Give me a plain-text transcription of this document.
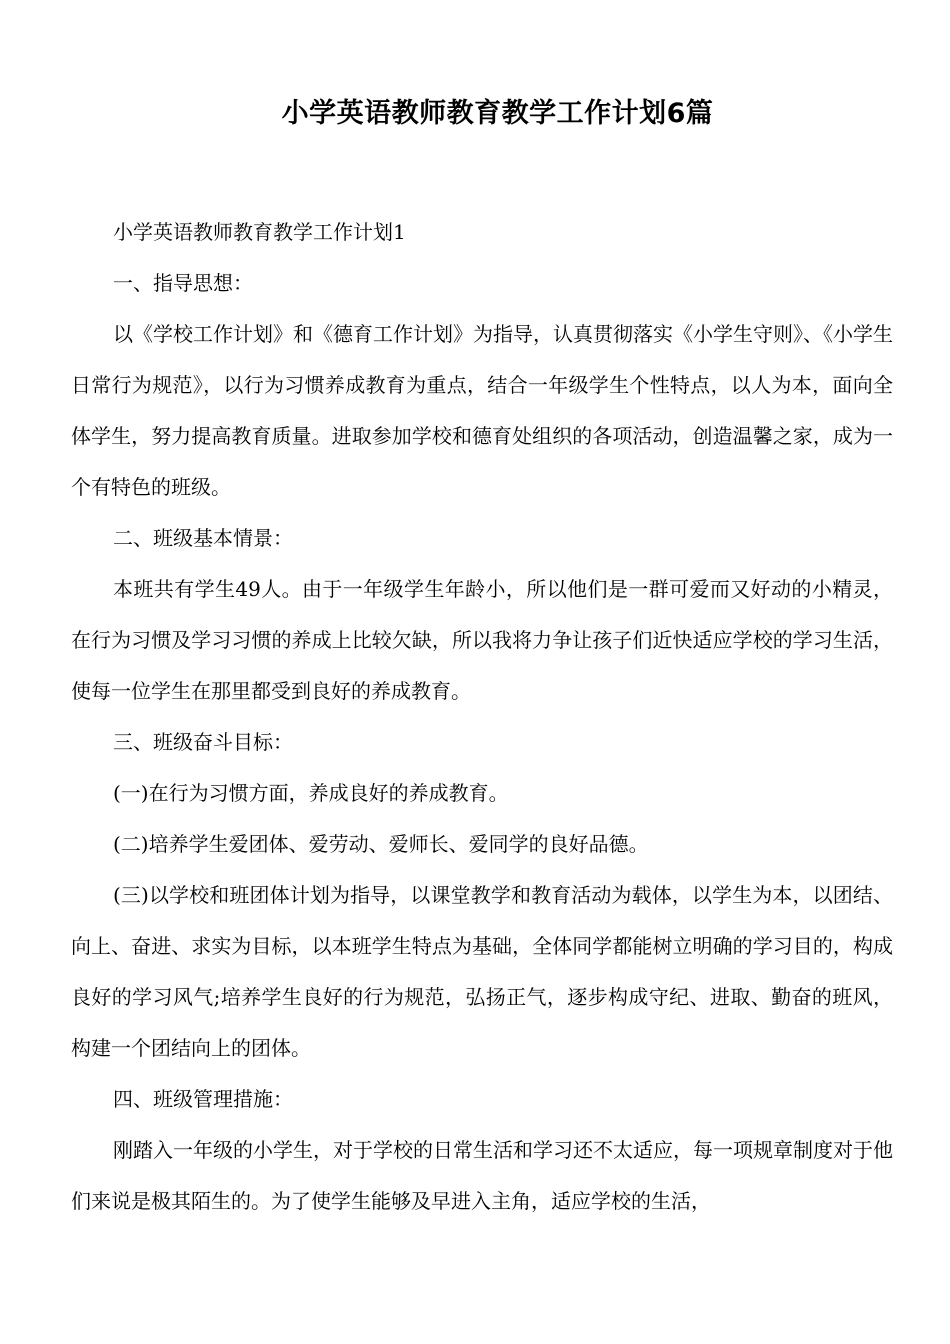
小学英语教师教育教学工作计划6篇

小学英语教师教育教学工作计划1

一、指导思想：

以《学校工作计划》和《德育工作计划》为指导，认真贯彻落实《小学生守则》、《小学生日常行为规范》，以行为习惯养成教育为重点，结合一年级学生个性特点，以人为本，面向全体学生，努力提高教育质量。进取参加学校和德育处组织的各项活动，创造温馨之家，成为一个有特色的班级。

二、班级基本情景：

本班共有学生49人。由于一年级学生年龄小，所以他们是一群可爱而又好动的小精灵，在行为习惯及学习习惯的养成上比较欠缺，所以我将力争让孩子们近快适应学校的学习生活，使每一位学生在那里都受到良好的养成教育。

三、班级奋斗目标：

(一)在行为习惯方面，养成良好的养成教育。

(二)培养学生爱团体、爱劳动、爱师长、爱同学的良好品德。

(三)以学校和班团体计划为指导，以课堂教学和教育活动为载体，以学生为本，以团结、向上、奋进、求实为目标，以本班学生特点为基础，全体同学都能树立明确的学习目的，构成良好的学习风气;培养学生良好的行为规范，弘扬正气，逐步构成守纪、进取、勤奋的班风，构建一个团结向上的团体。

四、班级管理措施：

刚踏入一年级的小学生，对于学校的日常生活和学习还不太适应，每一项规章制度对于他们来说是极其陌生的。为了使学生能够及早进入主角，适应学校的生活，
